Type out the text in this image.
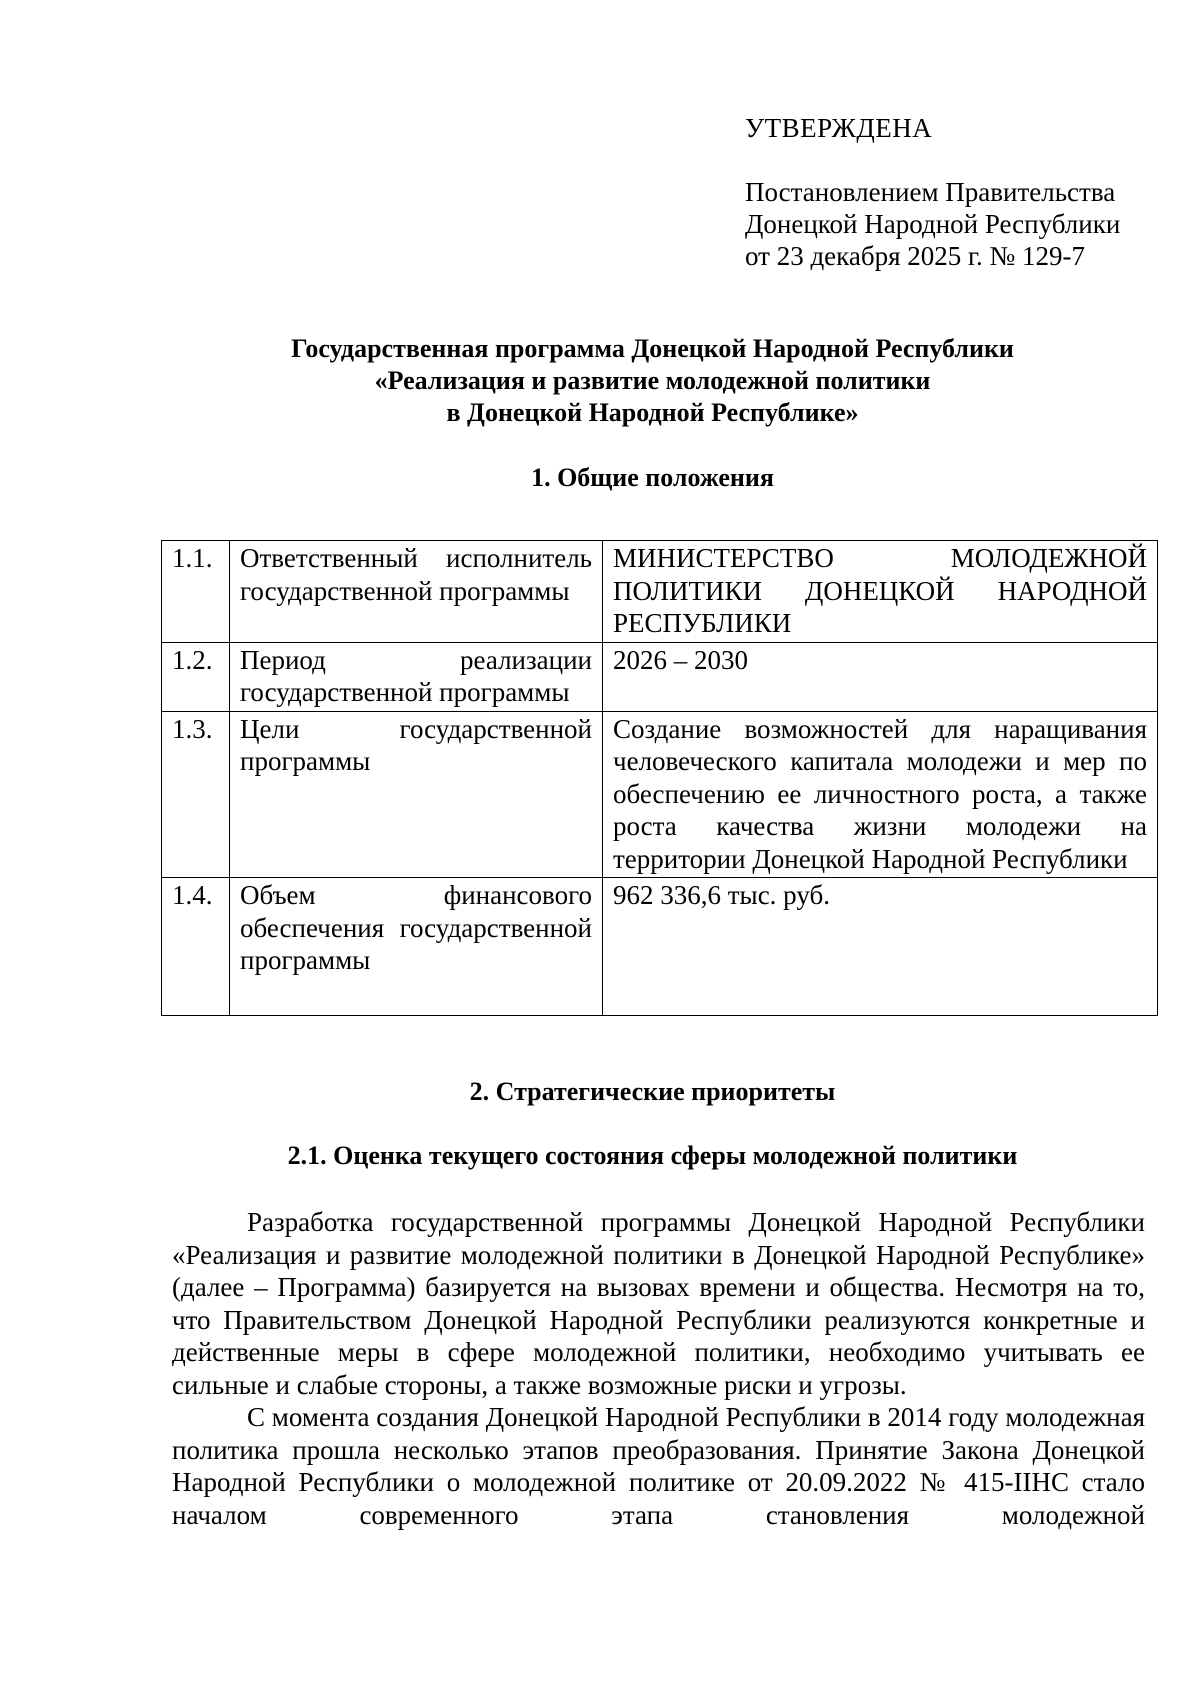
УТВЕРЖДЕНА
Постановлением Правительства
Донецкой Народной Республики
от 23 декабря 2025 г. № 129-7
Государственная программа Донецкой Народной Республики
«Реализация и развитие молодежной политики
в Донецкой Народной Республике»
1. Общие положения
1.1.	Ответственный исполнитель государственной программы	МИНИСТЕРСТВО МОЛОДЕЖНОЙ ПОЛИТИКИ ДОНЕЦКОЙ НАРОДНОЙ РЕСПУБЛИКИ
1.2.	Период реализации государственной программы	2026 – 2030
1.3.	Цели государственной программы	Создание возможностей для наращивания человеческого капитала молодежи и мер по обеспечению ее личностного роста, а также роста качества жизни молодежи на территории Донецкой Народной Республики
1.4.	Объем финансового обеспечения государственной программы	962 336,6 тыс. руб.
2. Стратегические приоритеты
2.1. Оценка текущего состояния сферы молодежной политики

Разработка государственной программы Донецкой Народной Республики «Реализация и развитие молодежной политики в Донецкой Народной Республике» (далее – Программа) базируется на вызовах времени и общества. Несмотря на то, что Правительством Донецкой Народной Республики реализуются конкретные и действенные меры в сфере молодежной политики, необходимо учитывать ее сильные и слабые стороны, а также возможные риски и угрозы.

С момента создания Донецкой Народной Республики в 2014 году молодежная политика прошла несколько этапов преобразования. Принятие Закона Донецкой Народной Республики о молодежной политике от 20.09.2022 № 415-IIНС стало началом современного этапа становления молодежной
